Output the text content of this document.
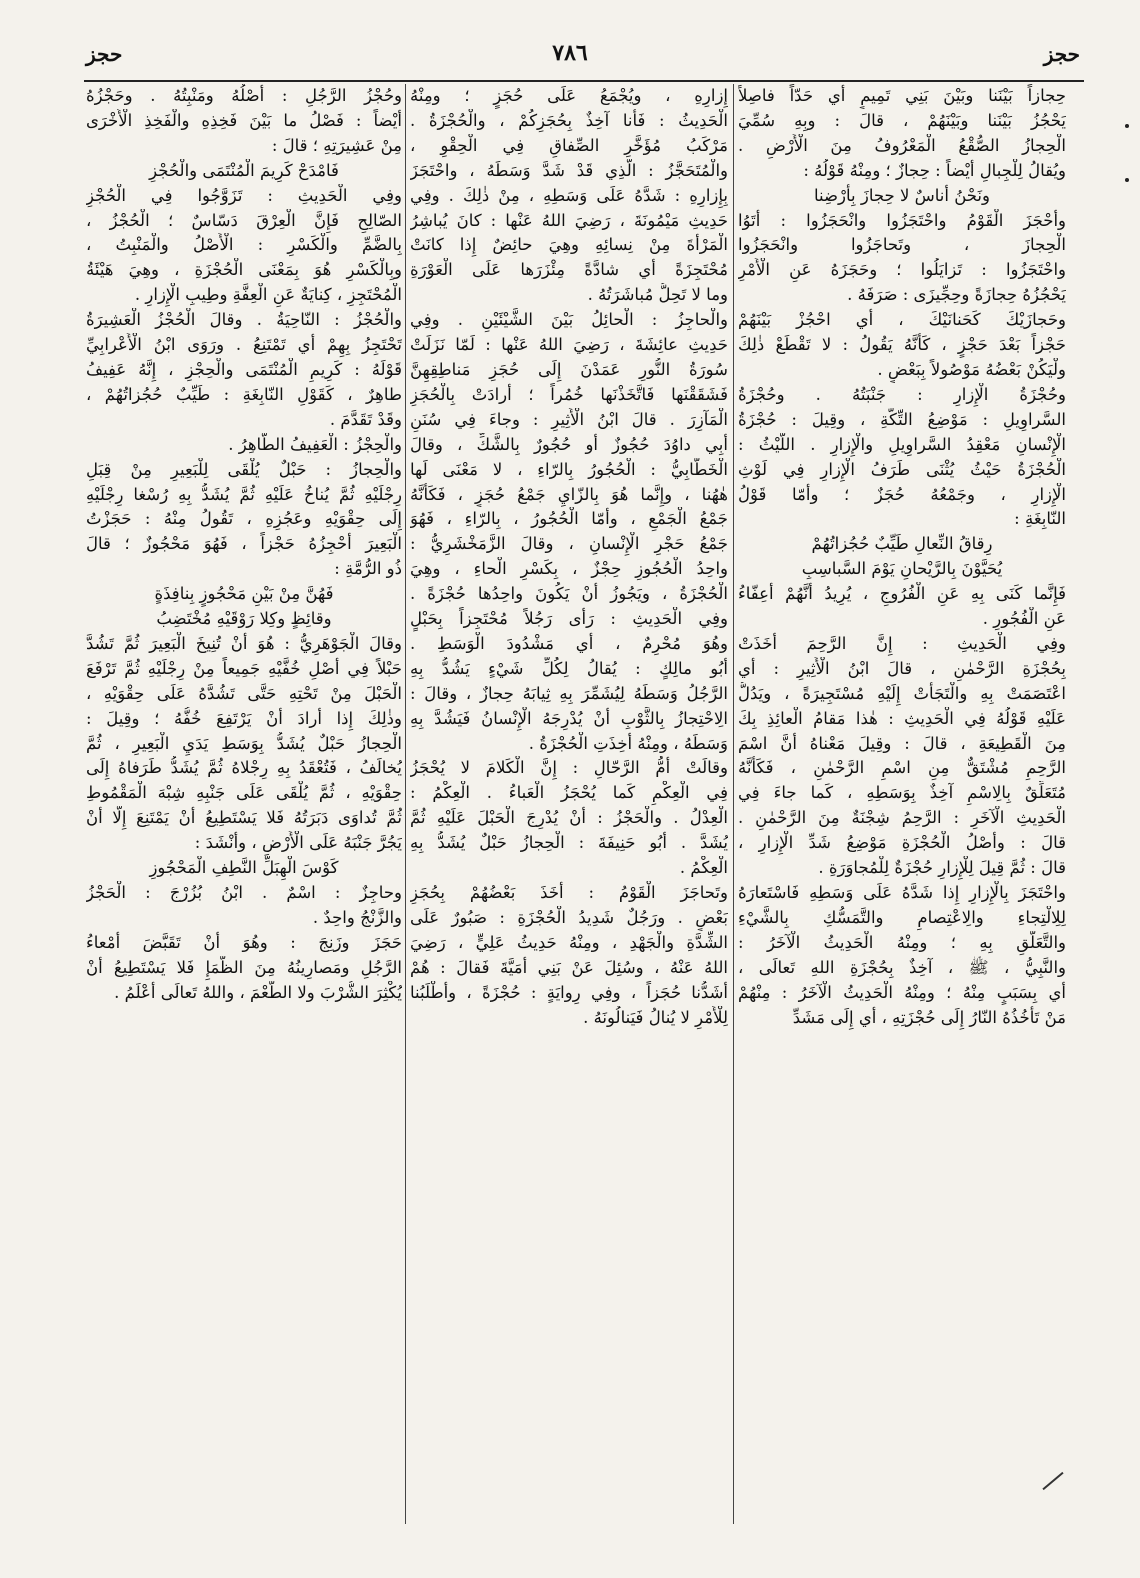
حجز	٧٨٦	حجز
حِجازاً بَيْنَنا وبَيْنَ بَنِي تَمِيمٍ أَي حَدّاً فاصِلاً
يَحْجُزُ بَيْنَنا وبَيْنَهُمْ ، قالَ : وبِهِ سُمِّيَ
الْحِجازُ الصُّقْعُ الْمَعْرُوفُ مِنَ الْأَرْضِ .
ويُقالُ لِلْجِبالِ أَيْضاً : حِجازٌ ؛ ومِنْهُ قَوْلُهُ :
ونَحْنُ أُناسٌ لا حِجازَ بِأَرْضِنا
وأَحْجَزَ الْقَوْمُ واحْتَجَزُوا وانْحَجَزُوا : أَتَوُا
الْحِجازَ ، وتَحاجَزُوا وانْحَجَزُوا
واحْتَجَزُوا : تَزايَلُوا ؛ وحَجَزَهُ عَنِ الْأَمْرِ
يَحْجُزُهُ حِجازَةً وحِجِّيزَى : صَرَفَهُ .
وحَجازَيْكَ كَحَنانَيْكَ ، أَي احْجُزْ بَيْنَهُمْ
حَجْزاً بَعْدَ حَجْزٍ ، كَأَنَّهُ يَقُولُ : لا تَقْطَعْ ذٰلِكَ
ولْيَكُنْ بَعْضُهُ مَوْصُولاً بِبَعْضٍ .
وحُجْزَةُ الْإِزارِ : جَنْبَتُهُ . وحُجْزَةُ
السَّراوِيلِ : مَوْضِعُ التِّكَّةِ ، وقِيلَ : حُجْزَةُ
الْإِنْسانِ مَعْقِدُ السَّراوِيلِ والْإِزارِ . اللَّيْثُ :
الْحُجْزَةُ حَيْثُ يُثْنَى طَرَفُ الْإِزارِ فِي لَوْثِ
الْإِزارِ ، وجَمْعُهُ حُجَزٌ ؛ وأَمّا قَوْلُ
النّابِغَةِ :
رِقاقُ النِّعالِ طَيِّبٌ حُجُزاتُهُمْ
يُحَيَّوْنَ بِالرَّيْحانِ يَوْمَ السَّباسِبِ
فَإِنَّما كَنَى بِهِ عَنِ الْفُرُوجِ ، يُرِيدُ أَنَّهُمْ أَعِفّاءُ
عَنِ الْفُجُورِ .
وفِي الْحَدِيثِ : إِنَّ الرَّحِمَ أَخَذَتْ
بِحُجْزَةِ الرَّحْمٰنِ ، قالَ ابْنُ الْأَثِيرِ : أَي
اعْتَصَمَتْ بِهِ والْتَجَأَتْ إِلَيْهِ مُسْتَجِيرَةً ، ويَدُلُّ
عَلَيْهِ قَوْلُهُ فِي الْحَدِيثِ : هٰذا مَقامُ الْعائِذِ بِكَ
مِنَ الْقَطِيعَةِ ، قالَ : وقِيلَ مَعْناهُ أَنَّ اسْمَ
الرَّحِمِ مُشْتَقٌّ مِنِ اسْمِ الرَّحْمٰنِ ، فَكَأَنَّهُ
مُتَعَلِّقٌ بِالِاسْمِ آخِذٌ بِوَسَطِهِ ، كَما جاءَ فِي
الْحَدِيثِ الْآخَرِ : الرَّحِمُ شِجْنَةٌ مِنَ الرَّحْمٰنِ .
قالَ : وأَصْلُ الْحُجْزَةِ مَوْضِعُ شَدِّ الْإِزارِ ،
قالَ : ثُمَّ قِيلَ لِلْإِزارِ حُجْزَةٌ لِلْمُجاوَرَةِ .
واحْتَجَزَ بِالْإِزارِ إِذا شَدَّهُ عَلَى وَسَطِهِ فَاسْتَعارَهُ
لِلِالْتِجاءِ والِاعْتِصامِ والتَّمَسُّكِ بِالشَّيْءِ
والتَّعَلُّقِ بِهِ ؛ ومِنْهُ الْحَدِيثُ الْآخَرُ :
والنَّبِيُّ ، ﷺ ، آخِذٌ بِحُجْزَةِ اللهِ تَعالَى ،
أَي بِسَبَبٍ مِنْهُ ؛ ومِنْهُ الْحَدِيثُ الْآخَرُ : مِنْهُمْ
مَنْ تَأْخُذُهُ النّارُ إِلَى حُجْزَتِهِ ، أَي إِلَى مَشَدِّ
إِزارِهِ ، ويُجْمَعُ عَلَى حُجَزٍ ؛ ومِنْهُ
الْحَدِيثُ : فَأَنا آخِذٌ بِحُجَزِكُمْ ، والْحُجْزَةُ .
مَرْكَبُ مُؤَخَّرِ الصِّفاقِ فِي الْحِقْوِ ،
والْمُتَحَجَّزُ : الَّذِي قَدْ شَدَّ وَسَطَهُ ، واحْتَجَزَ
بِإِزارِهِ : شَدَّهُ عَلَى وَسَطِهِ ، مِنْ ذٰلِكَ . وفِي
حَدِيثِ مَيْمُونَةَ ، رَضِيَ اللهُ عَنْها : كانَ يُباشِرُ
الْمَرْأَةَ مِنْ نِسائِهِ وهِيَ حائِضٌ إِذا كانَتْ
مُحْتَجِزَةً أَي شادَّةً مِئْزَرَها عَلَى الْعَوْرَةِ
وما لا تَحِلُّ مُباشَرَتُهُ .
والْحاجِزُ : الْحائِلُ بَيْنَ الشَّيْئَيْنِ . وفِي
حَدِيثِ عائِشَةَ ، رَضِيَ اللهُ عَنْها : لَمّا نَزَلَتْ
سُورَةُ النُّورِ عَمَدْنَ إِلَى حُجَزِ مَناطِقِهِنَّ
فَشَقَقْنَها فَاتَّخَذْنَها خُمُراً ؛ أَرادَتْ بِالْحُجَزِ
الْمَآزِرَ . قالَ ابْنُ الْأَثِيرِ : وجاءَ فِي سُنَنِ
أَبِي داوُدَ حُجُوزٌ أَو حُجُورٌ بِالشَّكِّ ، وقالَ
الْخَطّابِيُّ : الْحُجُورُ بِالرّاءِ ، لا مَعْنَى لَها
هٰهُنا ، وإِنَّما هُوَ بِالزّايِ جَمْعُ حُجَزٍ ، فَكَأَنَّهُ
جَمْعُ الْجَمْعِ ، وأَمّا الْحُجُورُ ، بِالرّاءِ ، فَهُوَ
جَمْعُ حَجْرِ الْإِنْسانِ ، وقالَ الزَّمَخْشَرِيُّ :
واحِدُ الْحُجُوزِ حِجْزٌ ، بِكَسْرِ الْحاءِ ، وهِيَ
الْحُجْزَةُ ، ويَجُوزُ أَنْ يَكُونَ واحِدُها حُجْزَةً .
وفِي الْحَدِيثِ : رَأَى رَجُلاً مُحْتَجِزاً بِحَبْلٍ
وهُوَ مُحْرِمٌ ، أَي مَشْدُودَ الْوَسَطِ .
أَبُو مالِكٍ : يُقالُ لِكُلِّ شَيْءٍ يَشُدُّ بِهِ
الرَّجُلُ وَسَطَهُ لِيُشَمِّرَ بِهِ ثِيابَهُ حِجازٌ ، وقالَ :
الِاحْتِجازُ بِالثَّوْبِ أَنْ يُدْرِجَهُ الْإِنْسانُ فَيَشُدَّ بِهِ
وَسَطَهُ ، ومِنْهُ أُخِذَتِ الْحُجْزَةُ .
وقالَتْ أُمُّ الرَّحّالِ : إِنَّ الْكَلامَ لا يُحْجَزُ
فِي الْعِكْمِ كَما يُحْجَزُ الْعَباءُ . الْعِكْمُ :
الْعِدْلُ . والْحَجْزُ : أَنْ يُدْرِجَ الْحَبْلَ عَلَيْهِ ثُمَّ
يُشَدَّ . أَبُو حَنِيفَةَ : الْحِجازُ حَبْلٌ يُشَدُّ بِهِ
الْعِكْمُ .
وتَحاجَزَ الْقَوْمُ : أَخَذَ بَعْضُهُمْ بِحُجَزِ
بَعْضٍ . ورَجُلٌ شَدِيدُ الْحُجْزَةِ : صَبُورٌ عَلَى
الشِّدَّةِ والْجَهْدِ ، ومِنْهُ حَدِيثُ عَلِيٍّ ، رَضِيَ
اللهُ عَنْهُ ، وسُئِلَ عَنْ بَنِي أُمَيَّةَ فَقالَ : هُمْ
أَشَدُّنا حُجَزاً ، وفِي رِوايَةٍ : حُجْزَةً ، وأَطْلَبُنا
لِلْأَمْرِ لا يُنالُ فَيَنالُونَهُ .
وحُجْزُ الرَّجُلِ : أَصْلُهُ ومَنْبِتُهُ . وحَجْزُهُ
أَيْضاً : فَصْلُ ما بَيْنَ فَخِذِهِ والْفَخِذِ الْأُخْرَى
مِنْ عَشِيرَتِهِ ؛ قالَ :
فَامْدَحْ كَرِيمَ الْمُنْتَمَى والْحُجْزِ
وفِي الْحَدِيثِ : تَزَوَّجُوا فِي الْحُجْزِ
الصّالِحِ فَإِنَّ الْعِرْقَ دَسّاسٌ ؛ الْحُجْزُ ،
بِالضَّمِّ والْكَسْرِ : الْأَصْلُ والْمَنْبِتُ ،
وبِالْكَسْرِ هُوَ بِمَعْنَى الْحُجْزَةِ ، وهِيَ هَيْئَةُ
الْمُحْتَجِزِ ، كِنايَةٌ عَنِ الْعِفَّةِ وطِيبِ الْإِزارِ .
والْحُجْزُ : النّاحِيَةُ . وقالَ الْحُجْزُ الْعَشِيرَةُ
تَحْتَجِزُ بِهِمْ أَي تَمْتَنِعُ . ورَوَى ابْنُ الْأَعْرابِيِّ
قَوْلَهُ : كَرِيمِ الْمُنْتَمَى والْحِجْزِ ، إِنَّهُ عَفِيفُ
طاهِرٌ ، كَقَوْلِ النّابِغَةِ : طَيِّبٌ حُجُزاتُهُمْ ،
وقَدْ تَقَدَّمَ .
والْحِجْزُ : الْعَفِيفُ الطّاهِرُ .
والْحِجازُ : حَبْلٌ يُلْقَى لِلْبَعِيرِ مِنْ قِبَلِ
رِجْلَيْهِ ثُمَّ يُناخُ عَلَيْهِ ثُمَّ يُشَدُّ بِهِ رُسْغا رِجْلَيْهِ
إِلَى حِقْوَيْهِ وعَجُزِهِ ، تَقُولُ مِنْهُ : حَجَزْتُ
الْبَعِيرَ أَحْجِزُهُ حَجْزاً ، فَهُوَ مَحْجُوزٌ ؛ قالَ
ذُو الرُّمَّةِ :
فَهُنَّ مِنْ بَيْنِ مَحْجُوزٍ بِنافِذَةٍ
وقائِظٍ وكِلا رَوْقَيْهِ مُخْتَضِبُ
وقالَ الْجَوْهَرِيُّ : هُوَ أَنْ تُنِيخَ الْبَعِيرَ ثُمَّ تَشُدَّ
حَبْلاً فِي أَصْلِ خُفَّيْهِ جَمِيعاً مِنْ رِجْلَيْهِ ثُمَّ تَرْفَعَ
الْحَبْلَ مِنْ تَحْتِهِ حَتَّى تَشُدَّهُ عَلَى حِقْوَيْهِ ،
وذٰلِكَ إِذا أَرادَ أَنْ يَرْتَفِعَ خُفُّهُ ؛ وقِيلَ :
الْحِجازُ حَبْلٌ يُشَدُّ بِوَسَطِ يَدَيِ الْبَعِيرِ ، ثُمَّ
يُخالَفُ ، فَتُعْقَدُ بِهِ رِجْلاهُ ثُمَّ يُشَدُّ طَرَفاهُ إِلَى
حِقْوَيْهِ ، ثُمَّ يُلْقَى عَلَى جَنْبِهِ شِبْهَ الْمَقْمُوطِ
ثُمَّ تُداوَى دَبَرَتُهُ فَلا يَسْتَطِيعُ أَنْ يَمْتَنِعَ إِلّا أَنْ
يَجُرَّ جَنْبَهُ عَلَى الْأَرْضِ ، وأَنْشَدَ :
كَوْسَ الْهِبَلِّ النَّطِفِ الْمَحْجُوزِ
وحاجِزٌ : اسْمٌ . ابْنُ بُزُرْجَ : الْحَجْزُ
والزَّنْجُ واحِدٌ .
حَجَزَ وزَنِجَ : وهُوَ أَنْ تَقَبَّضَ أَمْعاءُ
الرَّجُلِ ومَصارِينُهُ مِنَ الظَّمَإِ فَلا يَسْتَطِيعُ أَنْ
يُكْثِرَ الشُّرْبَ ولا الطُّعْمَ ، واللهُ تَعالَى أَعْلَمُ .
